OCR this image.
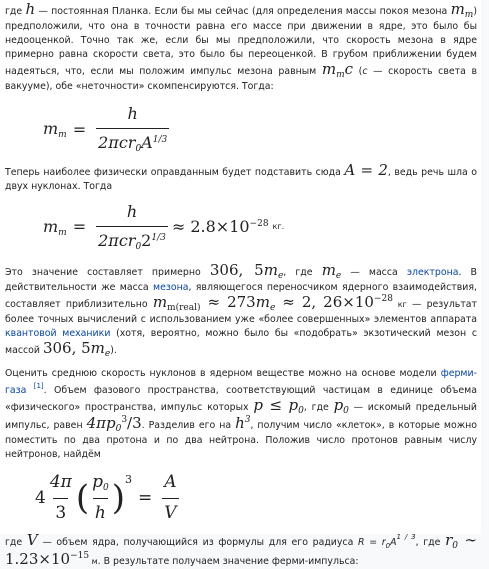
где h — постоянная Планка. Если бы мы сейчас (для определения массы покоя мезона $m_m$) предположили, что она в точности равна его массе при движении в ядре, это было бы недооценкой. Точно так же, если бы мы предположили, что скорость мезона в ядре примерно равна скорости света, это было бы переоценкой. В грубом приближении будем надеяться, что, если мы положим импульс мезона равным $m_mc$ (c — скорость света в вакууме), обе «неточности» скомпенсируются. Тогда:

$m_m = \frac{h}{2\pi cr_0A^{1/3}}$

Теперь наиболее физически оправданным будет подставить сюда A = 2, ведь речь шла о двух нуклонах. Тогда

$m_m = \frac{h}{2\pi cr_02^{1/3}} \approx 2.8\times 10^{-28}$ кг.

Это значение составляет примерно 306, $5m_e$, где $m_e$ — масса электрона. В действительности же масса мезона, являющегося переносчиком ядерного взаимодействия, составляет приблизительно $m_{m(real)} \approx 273m_e \approx 2$, $26\times 10^{-28}$ кг — результат более точных вычислений с использованием уже «более совершенных» элементов аппарата квантовой механики (хотя, вероятно, можно было бы «подобрать» экзотический мезон с массой 306, $5m_e$).

Оценить среднюю скорость нуклонов в ядерном веществе можно на основе модели ферми-газа [1]. Объем фазового пространства, соответствующий частицам в единице объема «физического» пространства, импульс которых $p \le p_0$, где $p_0$ — искомый предельный импульс, равен $4\pi p_0^3/3$. Разделив его на $h^3$, получим число «клеток», в которые можно поместить по два протона и по два нейтрона. Положив число протонов равным числу нейтронов, найдём

$4 \frac{4\pi}{3}$ ( $\frac{p_0}{h}$ ) 3
= $\frac{A}{V}$

где V — объем ядра, получающийся из формулы для его радиуса $R = r_0A^{1 / 3}$, где $r_0$ ∼ $1.23\times 10^{-15}$ м. В результате получаем значение ферми-импульса:
